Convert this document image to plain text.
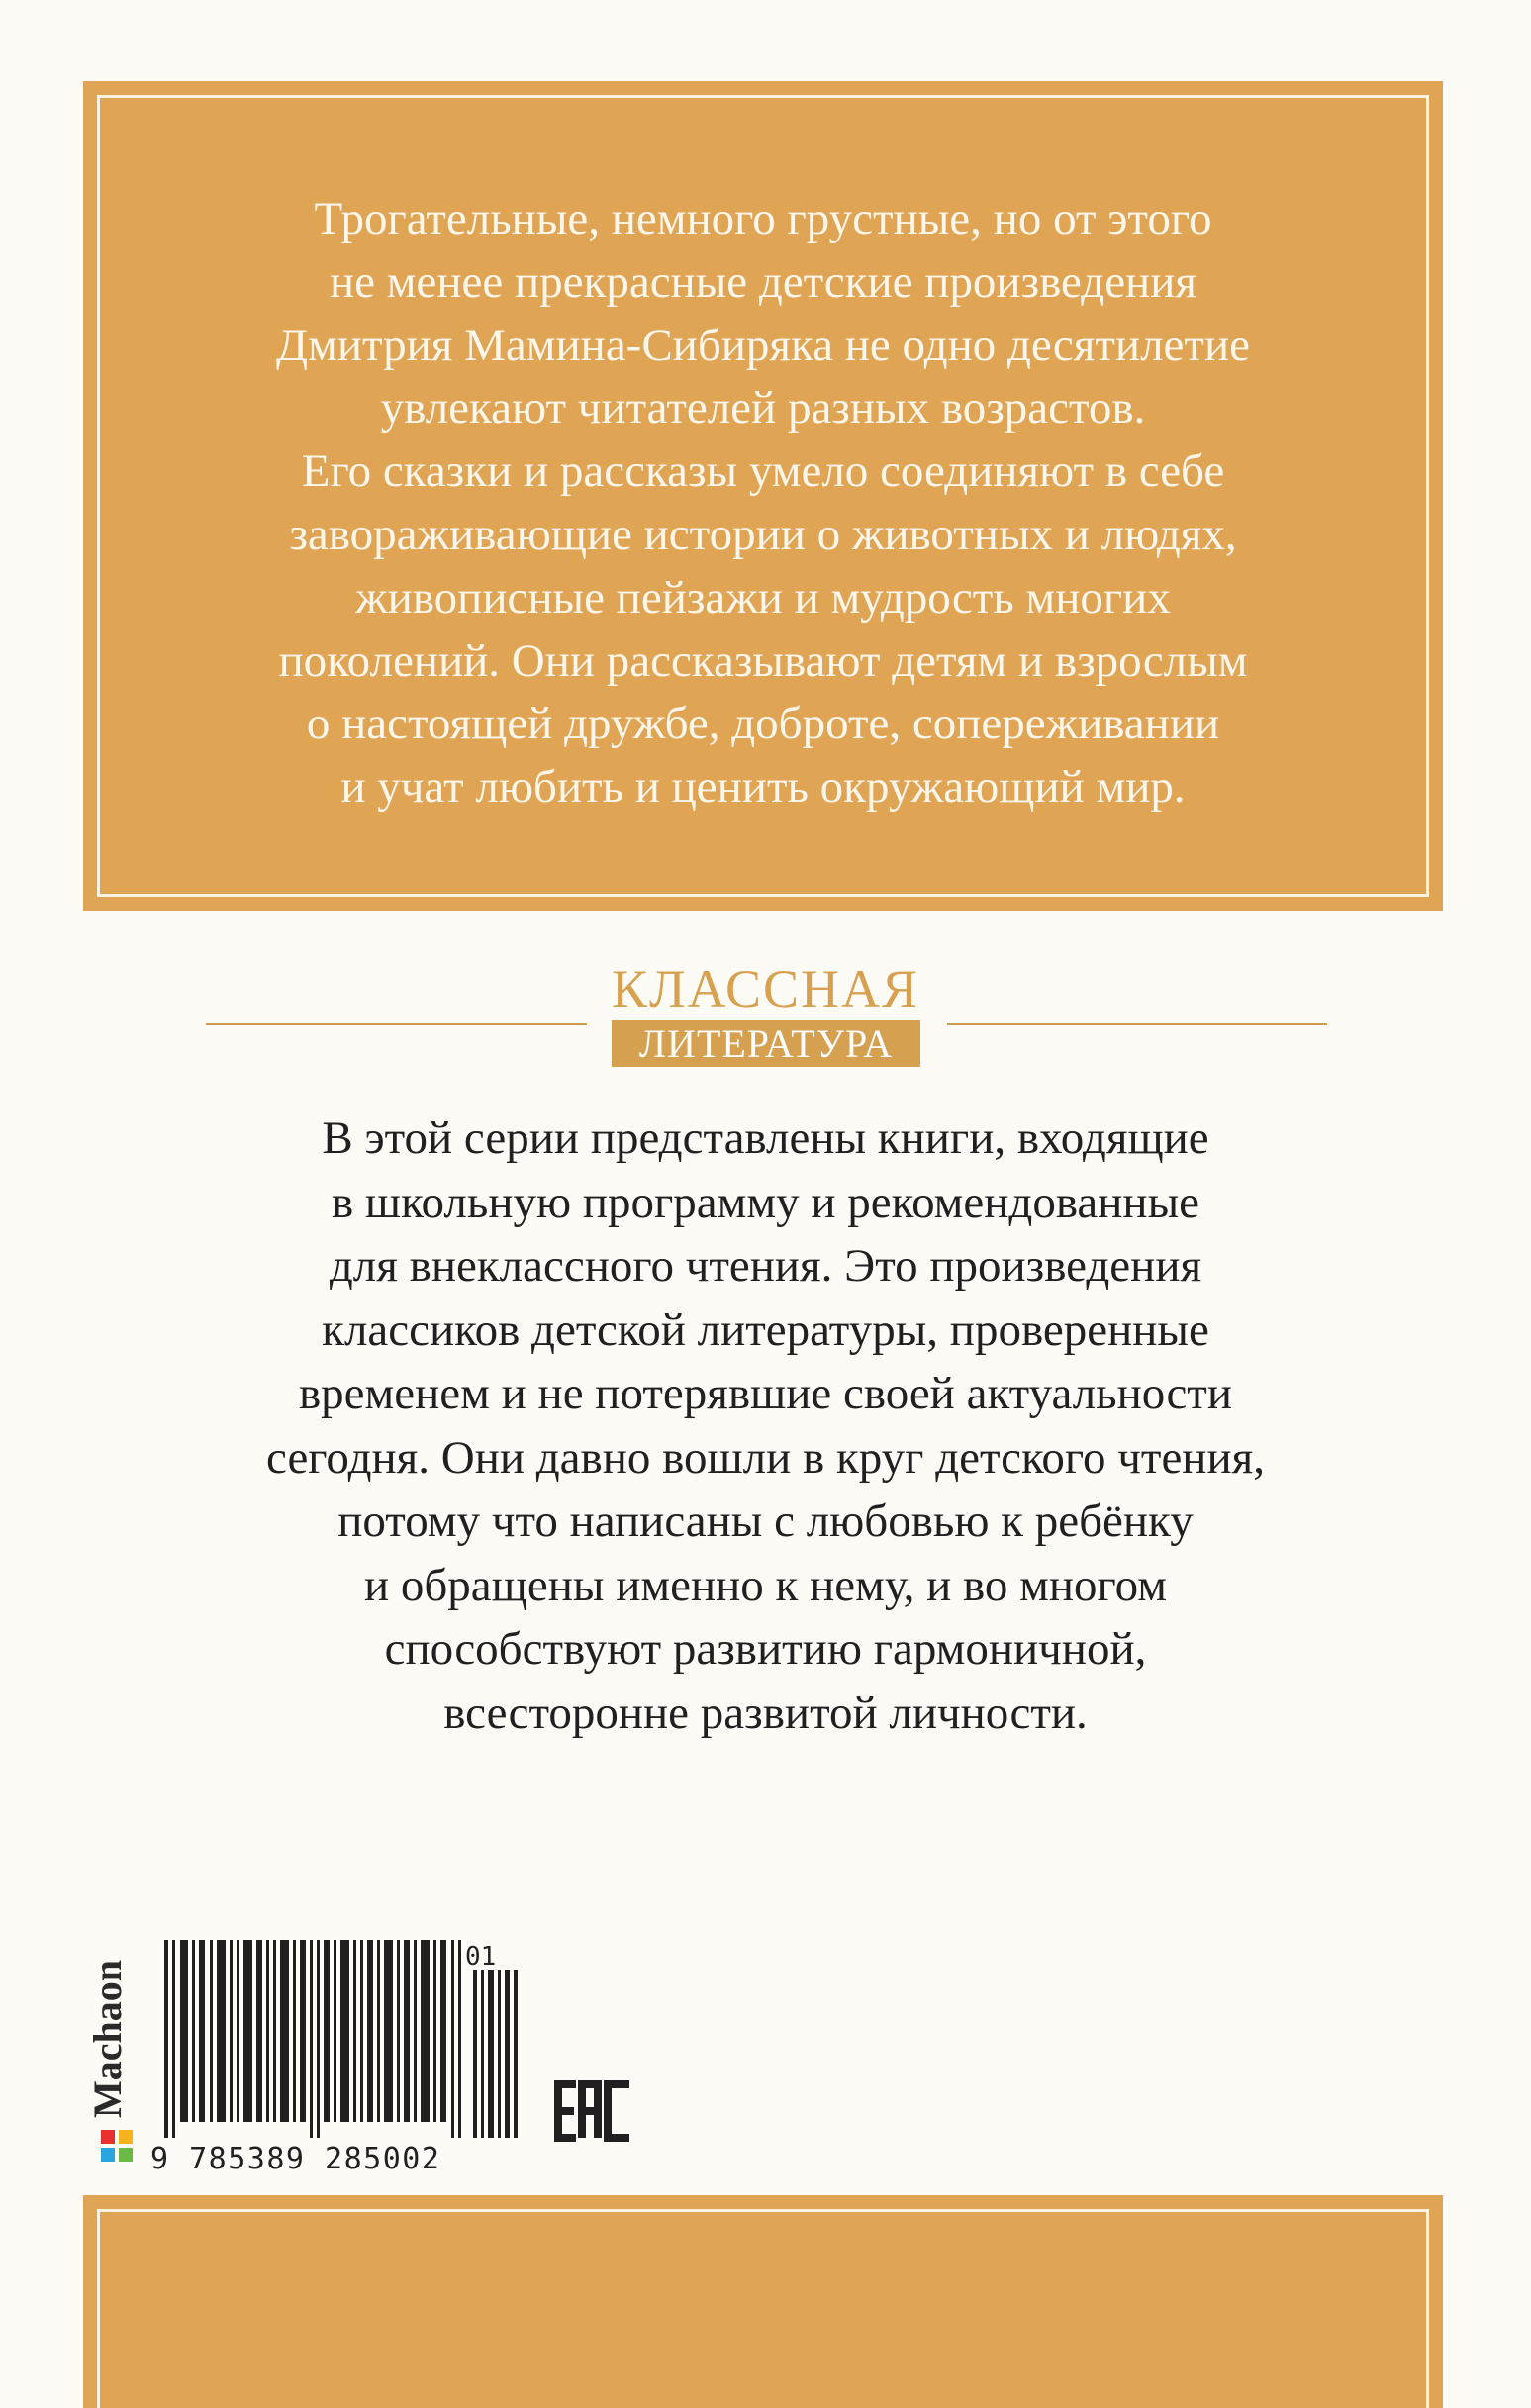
Трогательные, немного грустные, но от этого
не менее прекрасные детские произведения
Дмитрия Мамина-Сибиряка не одно десятилетие
увлекают читателей разных возрастов.
Его сказки и рассказы умело соединяют в себе
завораживающие истории о животных и людях,
живописные пейзажи и мудрость многих
поколений. Они рассказывают детям и взрослым
о настоящей дружбе, доброте, сопереживании
и учат любить и ценить окружающий мир.
КЛАССНАЯ
ЛИТЕРАТУРА
В этой серии представлены книги, входящие
в школьную программу и рекомендованные
для внеклассного чтения. Это произведения
классиков детской литературы, проверенные
временем и не потерявшие своей актуальности
сегодня. Они давно вошли в круг детского чтения,
потому что написаны с любовью к ребёнку
и обращены именно к нему, и во многом
способствуют развитию гармоничной,
всесторонне развитой личности.
Machaon
9 785389 285002
01
